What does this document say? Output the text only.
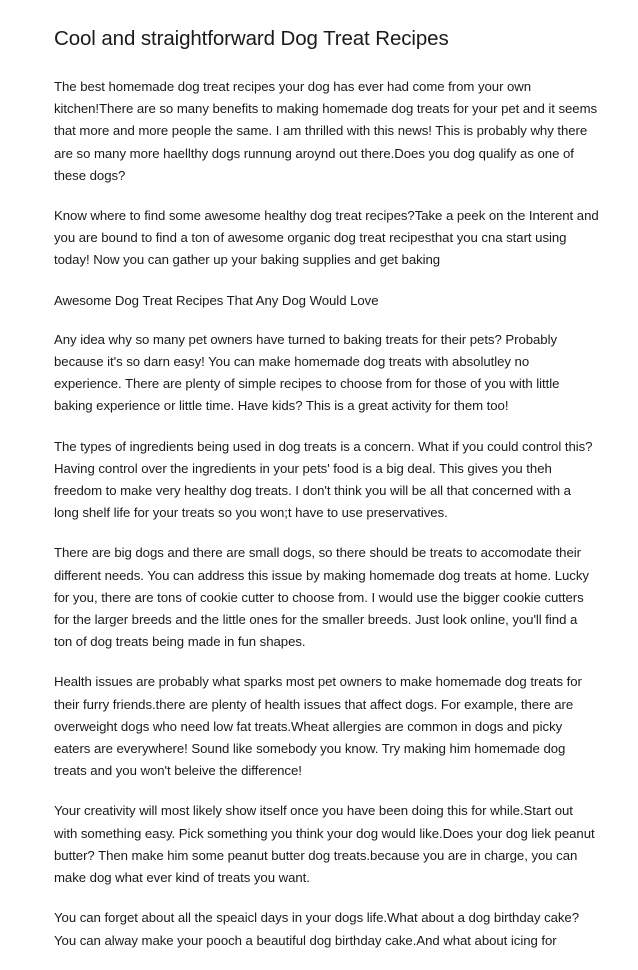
Cool and straightforward Dog Treat Recipes

The best homemade dog treat recipes your dog has ever had come from your own kitchen!There are so many benefits to making homemade dog treats for your pet and it seems that more and more people the same. I am thrilled with this news! This is probably why there are so many more haellthy dogs runnung aroynd out there.Does you dog qualify as one of these dogs?

Know where to find some awesome healthy dog treat recipes?Take a peek on the Interent and you are bound to find a ton of awesome organic dog treat recipesthat you cna start using today! Now you can gather up your baking supplies and get baking

Awesome Dog Treat Recipes That Any Dog Would Love

Any idea why so many pet owners have turned to baking treats for their pets? Probably because it's so darn easy! You can make homemade dog treats with absolutley no experience. There are plenty of simple recipes to choose from for those of you with little baking experience or little time. Have kids? This is a great activity for them too!

The types of ingredients being used in dog treats is a concern. What if you could control this? Having control over the ingredients in your pets' food is a big deal. This gives you theh freedom to make very healthy dog treats. I don't think you will be all that concerned with a long shelf life for your treats so you won;t have to use preservatives.

There are big dogs and there are small dogs, so there should be treats to accomodate their different needs. You can address this issue by making homemade dog treats at home. Lucky for you, there are tons of cookie cutter to choose from. I would use the bigger cookie cutters for the larger breeds and the little ones for the smaller breeds. Just look online, you'll find a ton of dog treats being made in fun shapes.

Health issues are probably what sparks most pet owners to make homemade dog treats for their furry friends.there are plenty of health issues that affect dogs. For example, there are overweight dogs who need low fat treats.Wheat allergies are common in dogs and picky eaters are everywhere! Sound like somebody you know. Try making him homemade dog treats and you won't beleive the difference!

Your creativity will most likely show itself once you have been doing this for while.Start out with something easy. Pick something you think your dog would like.Does your dog liek peanut butter? Then make him some peanut butter dog treats.because you are in charge, you can make dog what ever kind of treats you want.

You can forget about all the speaicl days in your dogs life.What about a dog birthday cake?You can alway make your pooch a beautiful dog birthday cake.And what about icing for
